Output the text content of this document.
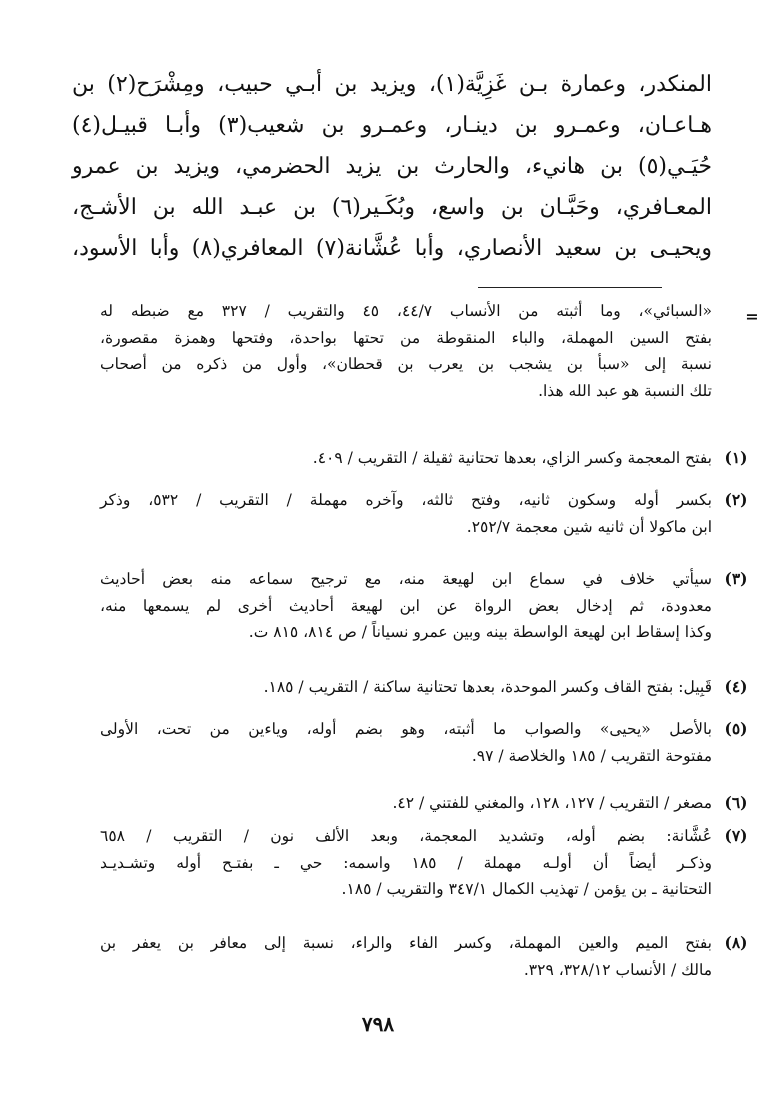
المنكدر، وعمارة بـن غَزِيَّة(١)، ويزيد بن أبـي حبيب، ومِشْرَح(٢) بن
هـاعـان، وعمـرو بن دينـار، وعمـرو بن شعيب(٣) وأبـا قبيـل(٤)
حُيَـي(٥) بن هانيء، والحارث بن يزيد الحضرمي، ويزيد بن عمرو
المعـافري، وحَبَّـان بن واسع، وبُكَـير(٦) بن عبـد الله بن الأشـج،
ويحيـى بن سعيد الأنصاري، وأبا عُشَّانة(٧) المعافري(٨) وأبا الأسود،
=
«السبائي»، وما أثبته من الأنساب ٤٤/٧، ٤٥ والتقريب / ٣٢٧ مع ضبطه له
بفتح السين المهملة، والباء المنقوطة من تحتها بواحدة، وفتحها وهمزة مقصورة،
نسبة إلى «سبأ بن يشجب بن يعرب بن قحطان»، وأول من ذكره من أصحاب
تلك النسبة هو عبد الله هذا.
(١)
بفتح المعجمة وكسر الزاي، بعدها تحتانية ثقيلة / التقريب / ٤٠٩.
(٢)
بكسر أوله وسكون ثانيه، وفتح ثالثه، وآخره مهملة / التقريب / ٥٣٢، وذكر
ابن ماكولا أن ثانيه شين معجمة ٢٥٢/٧.
(٣)
سيأتي خلاف في سماع ابن لهيعة منه، مع ترجيح سماعه منه بعض أحاديث
معدودة، ثم إدخال بعض الرواة عن ابن لهيعة أحاديث أخرى لم يسمعها منه،
وكذا إسقاط ابن لهيعة الواسطة بينه وبين عمرو نسياناً / ص ٨١٤، ٨١٥ ت.
(٤)
قَبِيل: بفتح القاف وكسر الموحدة، بعدها تحتانية ساكنة / التقريب / ١٨٥.
(٥)
بالأصل «يحيى» والصواب ما أثبته، وهو بضم أوله، وياءين من تحت، الأولى
مفتوحة التقريب / ١٨٥ والخلاصة / ٩٧.
(٦)
مصغر / التقريب / ١٢٧، ١٢٨، والمغني للفتني / ٤٢.
(٧)
عُشَّانة: بضم أوله، وتشديد المعجمة، وبعد الألف نون / التقريب / ٦٥٨
وذكـر أيضاً أن أولـه مهملة / ١٨٥ واسمه: حي ـ بفتـح أوله وتشـديـد
التحتانية ـ بن يؤمن / تهذيب الكمال ٣٤٧/١ والتقريب / ١٨٥.
(٨)
بفتح الميم والعين المهملة، وكسر الفاء والراء، نسبة إلى معافر بن يعفر بن
مالك / الأنساب ٣٢٨/١٢، ٣٢٩.
٧٩٨
